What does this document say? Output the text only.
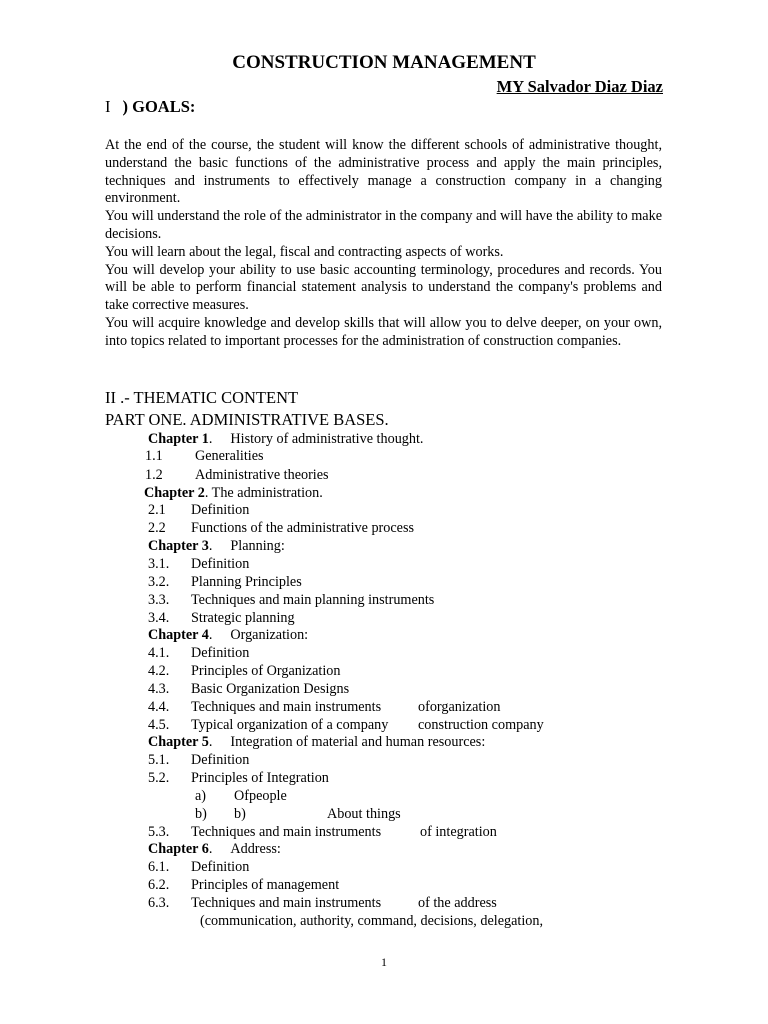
CONSTRUCTION MANAGEMENT
MY Salvador Diaz Diaz
I ) GOALS:

At the end of the course, the student will know the different schools of administrative thought, understand the basic functions of the administrative process and apply the main principles, techniques and instruments to effectively manage a construction company in a changing environment.

You will understand the role of the administrator in the company and will have the ability to make decisions.

You will learn about the legal, fiscal and contracting aspects of works.

You will develop your ability to use basic accounting terminology, procedures and records. You will be able to perform financial statement analysis to understand the company's problems and take corrective measures.

You will acquire knowledge and develop skills that will allow you to delve deeper, on your own, into topics related to important processes for the administration of construction companies.

II .- THEMATIC CONTENT
PART ONE. ADMINISTRATIVE BASES.
Chapter 1. History of administrative thought.
1.1 Generalities
1.2 Administrative theories
Chapter 2. The administration.
2.1 Definition
2.2 Functions of the administrative process
Chapter 3. Planning:
3.1. Definition
3.2. Planning Principles
3.3. Techniques and main planning instruments
3.4. Strategic planning
Chapter 4. Organization:
4.1. Definition
4.2. Principles of Organization
4.3. Basic Organization Designs
4.4. Techniques and main instruments	oforganization
4.5. Typical organization of a company construction company
Chapter 5. Integration of material and human resources:
5.1. Definition
5.2. Principles of Integration
a) Ofpeople
b) b)	About things
5.3. Techniques and main instruments	of integration
Chapter 6. Address:
6.1. Definition
6.2. Principles of management
6.3. Techniques and main instruments	of the address
(communication, authority, command, decisions, delegation,
1
